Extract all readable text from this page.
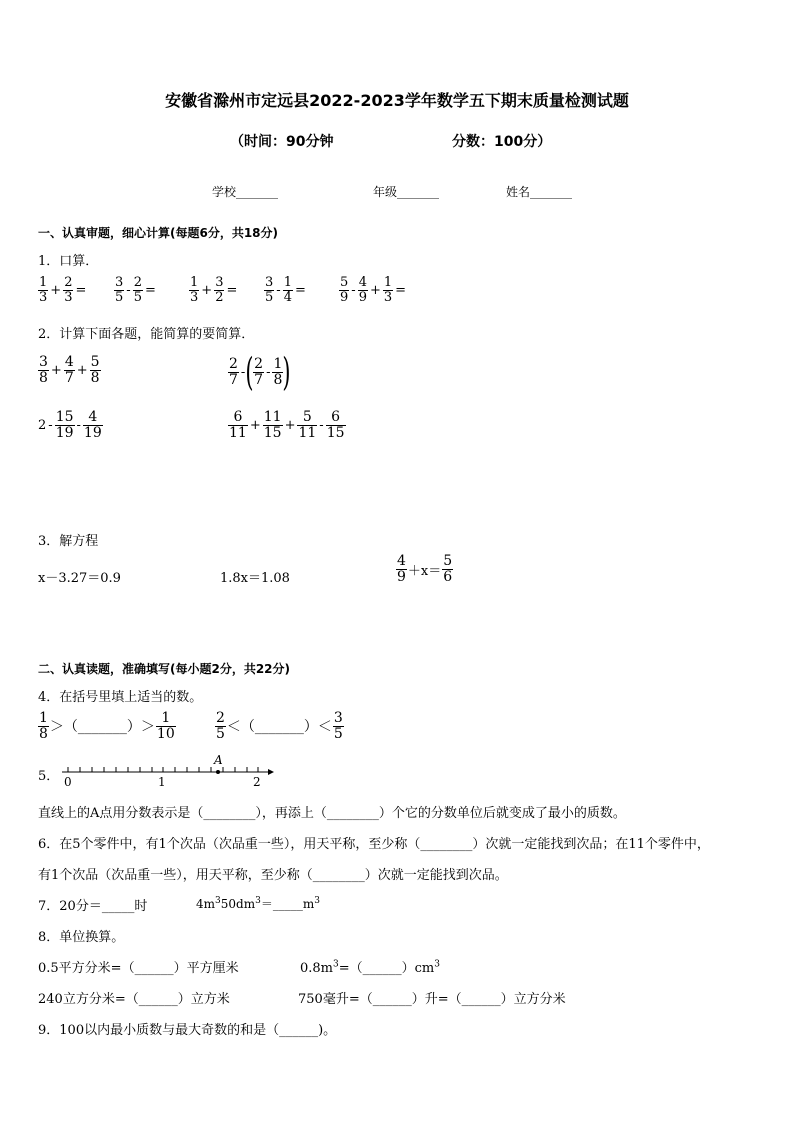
安徽省滁州市定远县2022-2023学年数学五下期末质量检测试题
（时间：90分钟	分数：100分）
学校_______	年级_______	姓名_______
一、认真审题，细心计算(每题6分，共18分)
1．口算．
$\frac{1}{3} + \frac{2}{3} = \frac{3}{5} - \frac{2}{5}$ =	$\frac{1}{3} + \frac{3}{2} = \frac{3}{5} - \frac{1}{4}$ =	$\frac{5}{9} - \frac{4}{9} + \frac{1}{3}$ =
2．计算下面各题，能简算的要简算．
$\frac{3}{8} + \frac{4}{7} + \frac{5}{8}$	$\frac{2}{7}$ - ( $\frac{2}{7} - \frac{1}{8}$ )
$2 - \frac{15}{19} - \frac{4}{19}$	$\frac{6}{11} + \frac{11}{15} + \frac{5}{11} - \frac{6}{15}$
3．解方程
x－3.27＝0.9	1.8x＝1.08	$\frac{4}{9} +x= \frac{5}{6}$
二、认真读题，准确填写(每小题2分，共22分)
4．在括号里填上适当的数。
$\frac{1}{8}$ ＞（_______）＞ $\frac{1}{10}$	$\frac{2}{5}$ ＜（_______）＜ $\frac{3}{5}$
5．
A
0	1	2
直线上的A点用分数表示是（________），再添上（________）个它的分数单位后就变成了最小的质数。
6．在5个零件中，有1个次品（次品重一些），用天平称，至少称（________）次就一定能找到次品；在11个零件中，
有1个次品（次品重一些），用天平称，至少称（________）次就一定能找到次品。
7．20分＝_____时	$4m^350dm^3=\_\_\_\_\_m^3$
8．单位换算。
0.5平方分米=（______）平方厘米	$0.8m^3=(\_\_\_\_\_\_)cm^3$
240立方分米=（______）立方米	750毫升=（______）升=（______）立方分米
9．100以内最小质数与最大奇数的和是（______)。
